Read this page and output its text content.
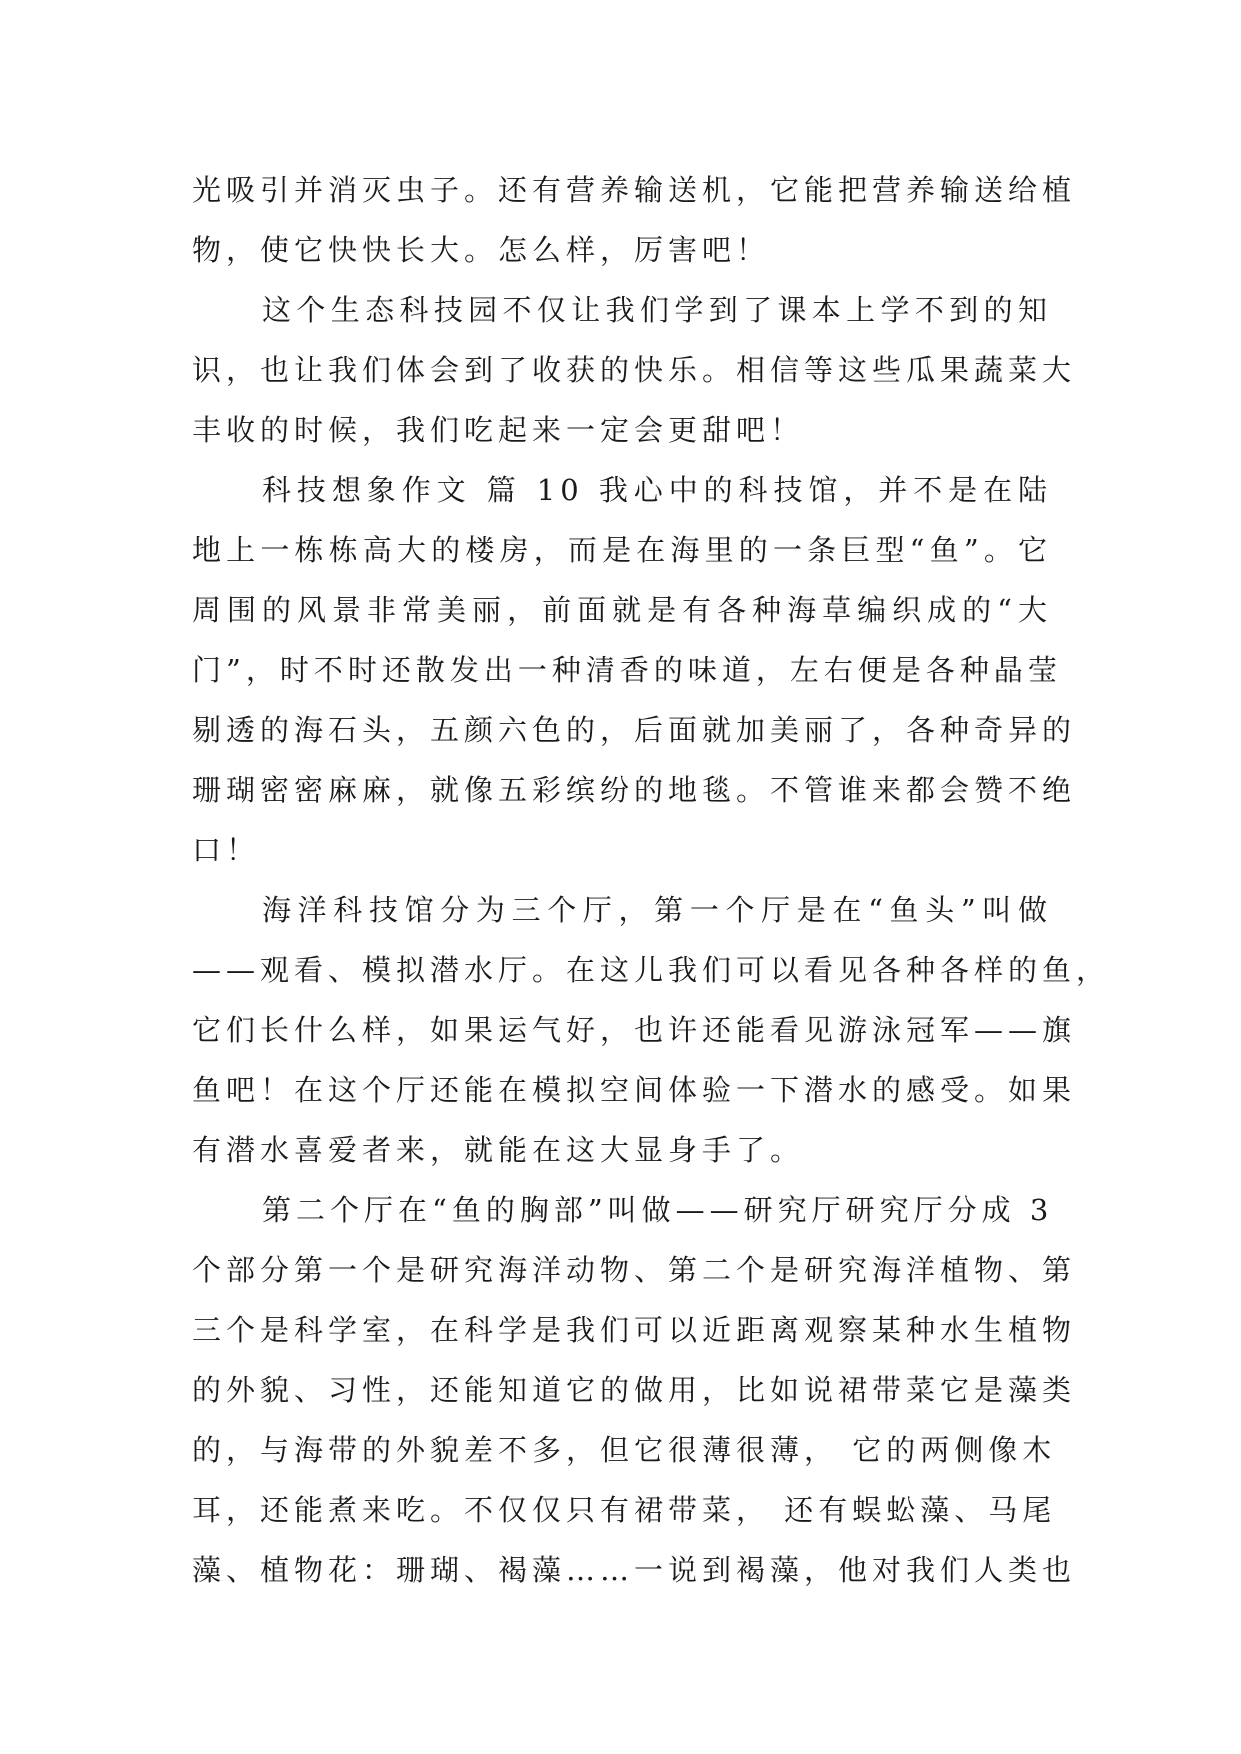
光吸引并消灭虫子。还有营养输送机，它能把营养输送给植
物，使它快快长大。怎么样，厉害吧！
这个生态科技园不仅让我们学到了课本上学不到的知
识，也让我们体会到了收获的快乐。相信等这些瓜果蔬菜大
丰收的时候，我们吃起来一定会更甜吧！
科技想象作文 篇 10 我心中的科技馆，并不是在陆
地上一栋栋高大的楼房，而是在海里的一条巨型“鱼”。它
周围的风景非常美丽，前面就是有各种海草编织成的“大
门”，时不时还散发出一种清香的味道，左右便是各种晶莹
剔透的海石头，五颜六色的，后面就加美丽了，各种奇异的
珊瑚密密麻麻，就像五彩缤纷的地毯。不管谁来都会赞不绝
口！
海洋科技馆分为三个厅，第一个厅是在“鱼头”叫做
——观看、模拟潜水厅。在这儿我们可以看见各种各样的鱼，
它们长什么样，如果运气好，也许还能看见游泳冠军——旗
鱼吧！在这个厅还能在模拟空间体验一下潜水的感受。如果
有潜水喜爱者来，就能在这大显身手了。
第二个厅在“鱼的胸部”叫做——研究厅研究厅分成 3
个部分第一个是研究海洋动物、第二个是研究海洋植物、第
三个是科学室，在科学是我们可以近距离观察某种水生植物
的外貌、习性，还能知道它的做用，比如说裙带菜它是藻类
的，与海带的外貌差不多，但它很薄很薄， 它的两侧像木
耳，还能煮来吃。不仅仅只有裙带菜， 还有蜈蚣藻、马尾
藻、植物花：珊瑚、褐藻……一说到褐藻，他对我们人类也
